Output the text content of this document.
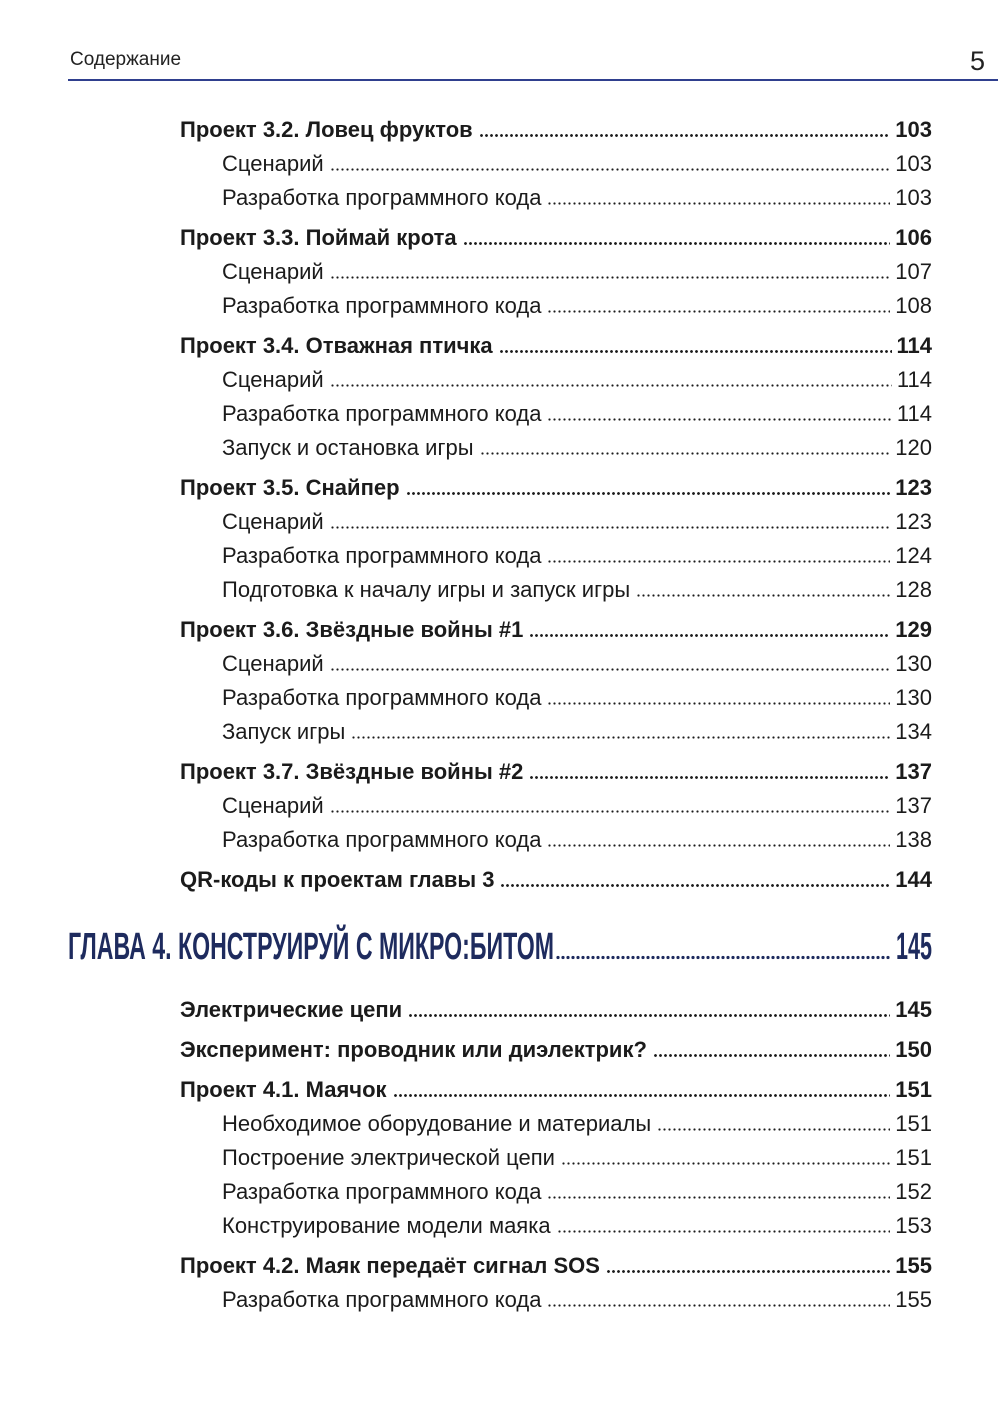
Содержание	5
Проект 3.2. Ловец фруктов	103
Сценарий	103
Разработка программного кода	103
Проект 3.3. Поймай крота	106
Сценарий	107
Разработка программного кода	108
Проект 3.4. Отважная птичка	114
Сценарий	114
Разработка программного кода	114
Запуск и остановка игры	120
Проект 3.5. Снайпер	123
Сценарий	123
Разработка программного кода	124
Подготовка к началу игры и запуск игры	128
Проект 3.6. Звёздные войны #1	129
Сценарий	130
Разработка программного кода	130
Запуск игры	134
Проект 3.7. Звёздные войны #2	137
Сценарий	137
Разработка программного кода	138
QR-коды к проектам главы 3	144
ГЛАВА 4. КОНСТРУИРУЙ С МИКРО:БИТОМ 145
Электрические цепи	145
Эксперимент: проводник или диэлектрик?	150
Проект 4.1. Маячок	151
Необходимое оборудование и материалы	151
Построение электрической цепи	151
Разработка программного кода	152
Конструирование модели маяка	153
Проект 4.2. Маяк передаёт сигнал SOS	155
Разработка программного кода	155
